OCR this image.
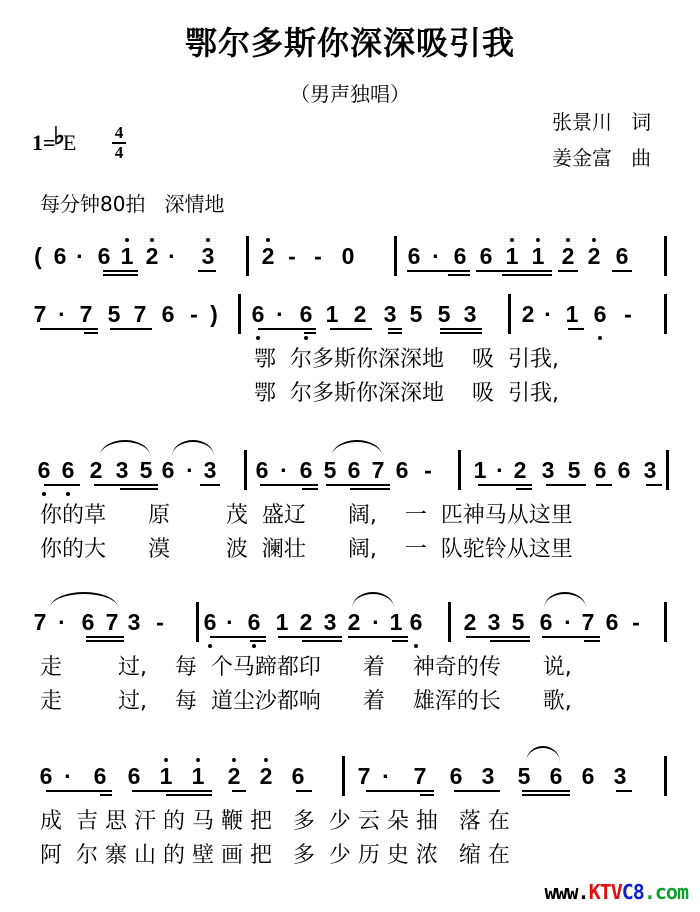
鄂尔多斯你深深吸引我
（男声独唱）
张景川   词
姜金富   曲
1=♭E 4
4
每分钟80拍   深情地
( 6 · 6 1 2 ·	3 2 - - 0 6 · 6 6 1 1 2 2 6
7 · 7 5 7 6 - )	6 · 6 1 2 3 5 5 3 2 · 1 6 -
鄂  尔多斯你深深地    吸  引我,
鄂  尔多斯你深深地    吸  引我,
6 6 2 3 5 6 · 3 6 · 6 5 6 7 6 -	1 · 2 3 5 6 6 3
你的草      原        茂  盛辽      阔,    一  匹神马从这里
你的大      漠        波  澜壮      阔,    一  队驼铃从这里
7 · 6 7 3 -	6 · 6 1 2 3 2 · 1 6 2 3 5 6 · 7 6 -
走        过,    每  个马蹄都印      着    神奇的传      说,
走        过,    每  道尘沙都响      着    雄浑的长      歌,
6 · 6 6 1 1 2 2 6 7 ·	7 6 3 5 6 6 3
成  吉 思 汗 的 马 鞭 把   多  少 云 朵 抽   落 在
阿  尔 寨 山 的 壁 画 把   多  少 历 史 浓   缩 在
www.KTVC8.com
